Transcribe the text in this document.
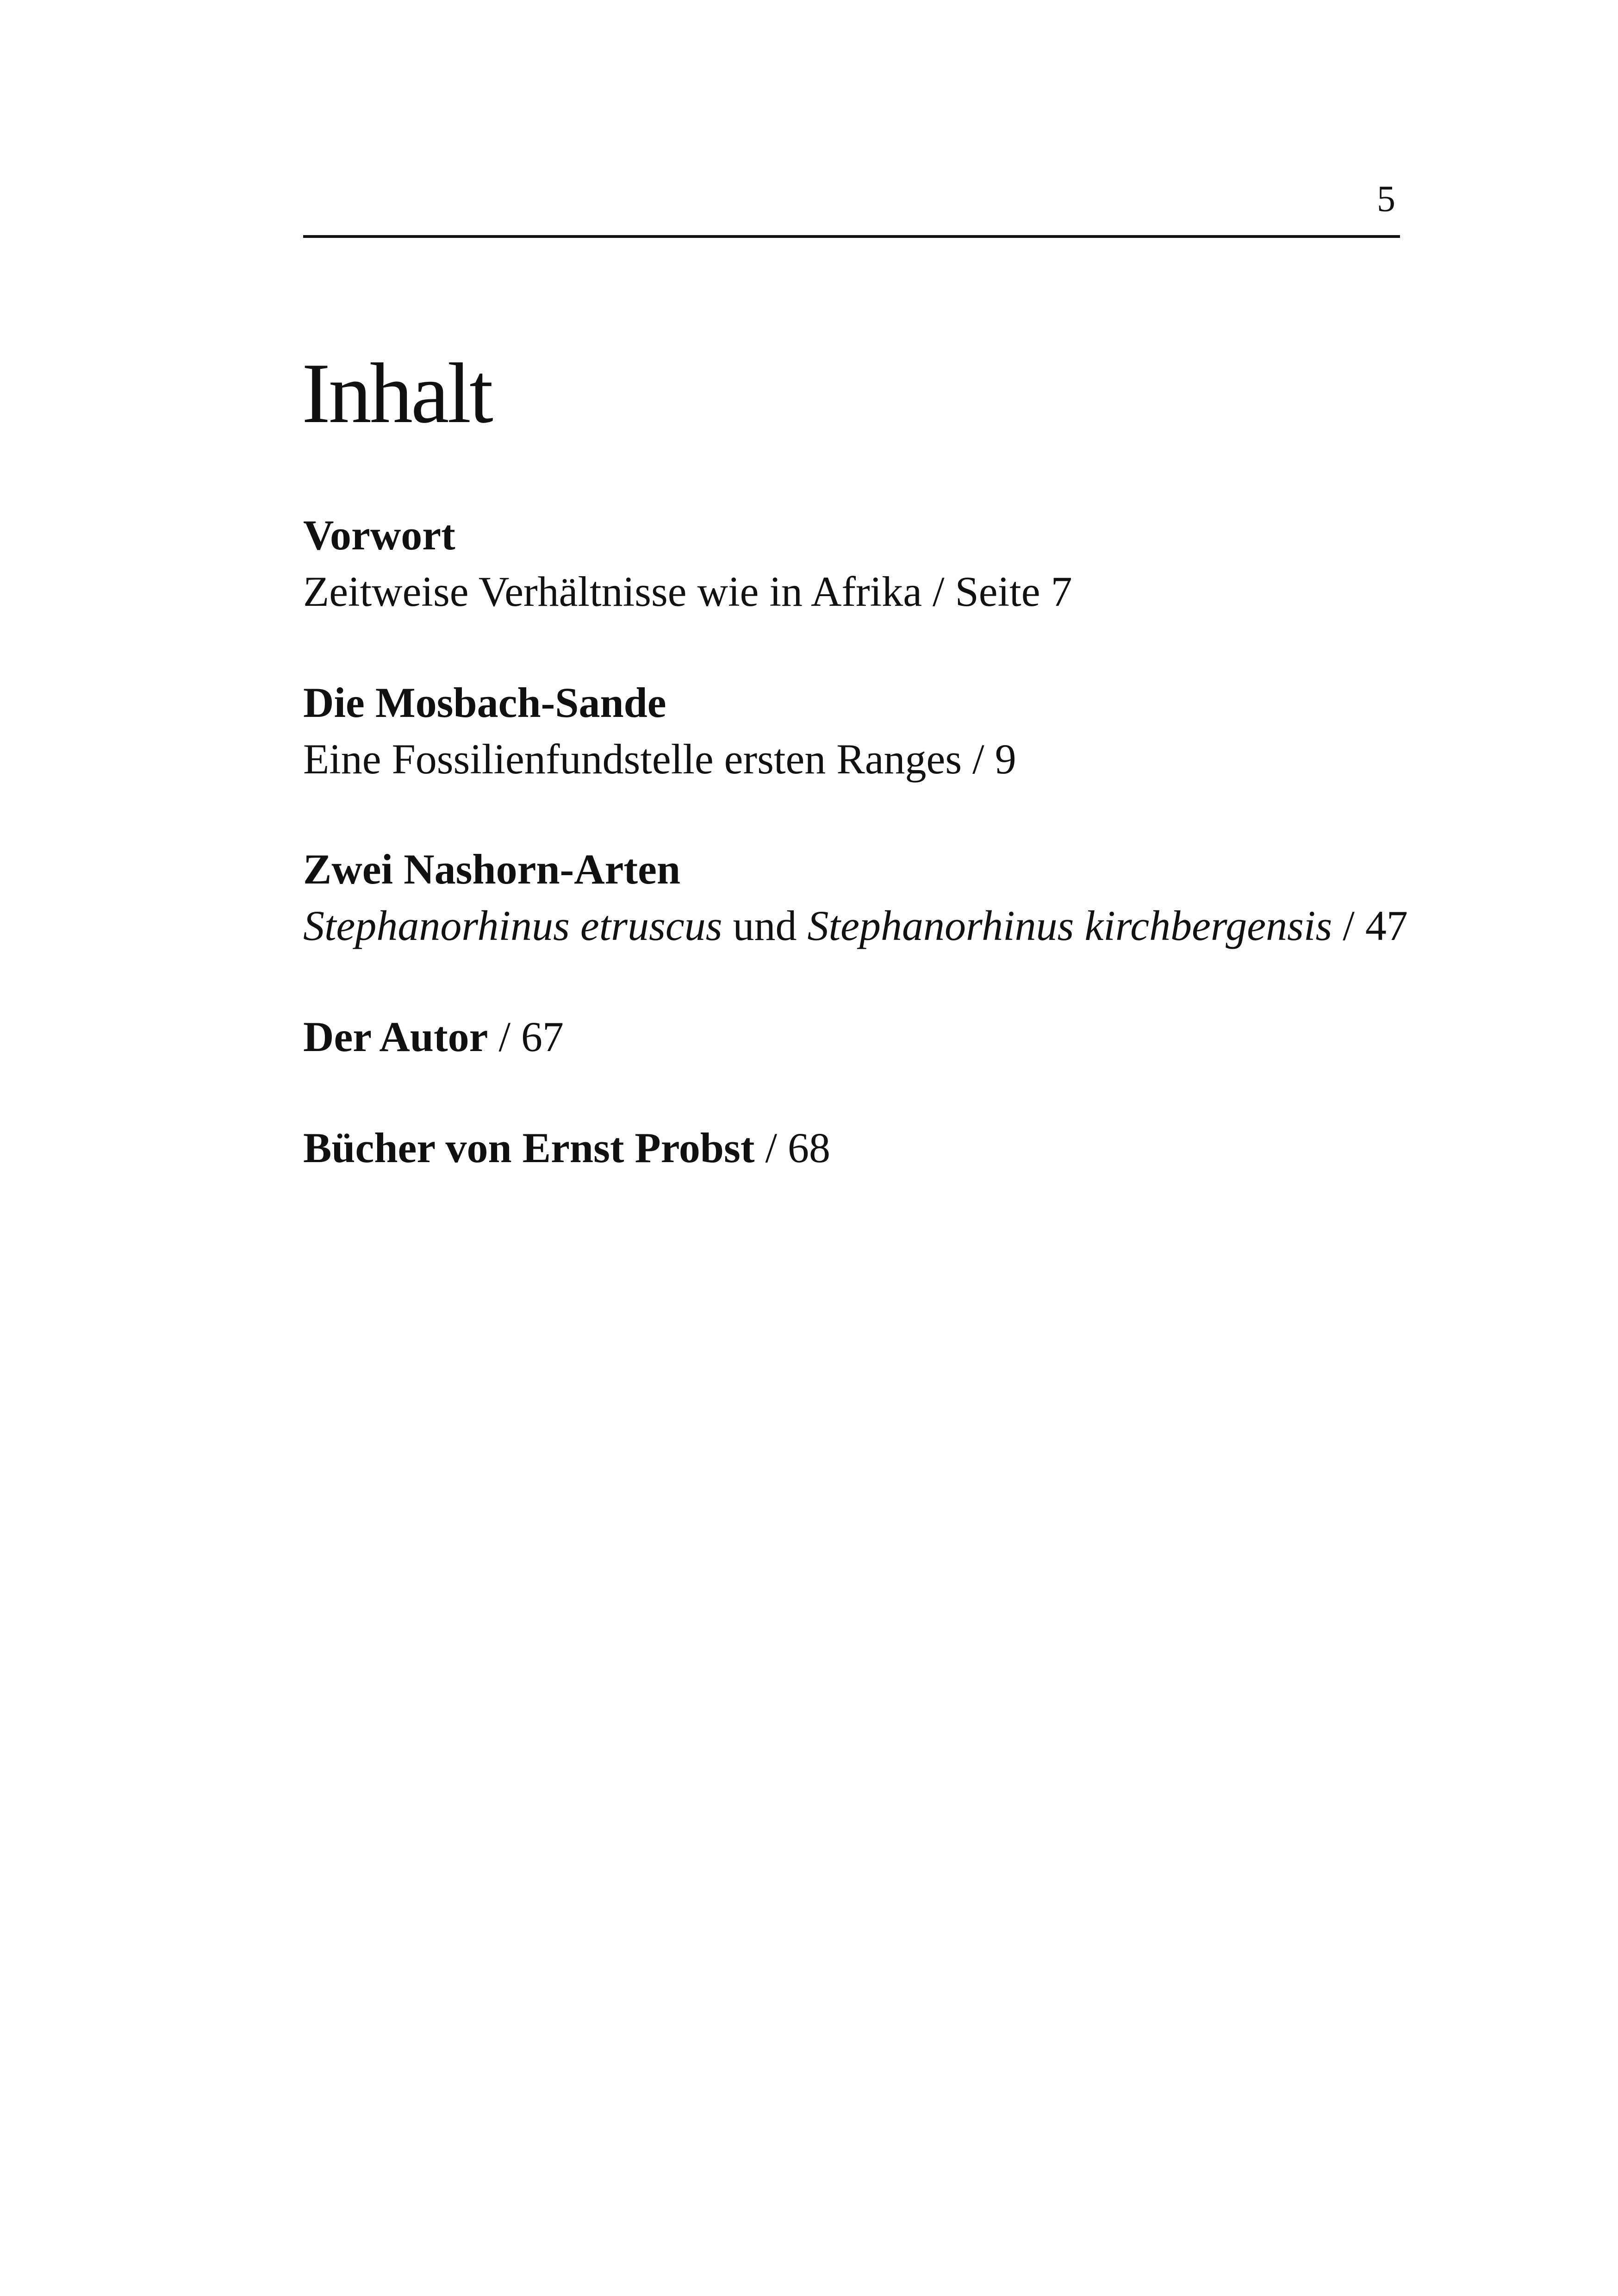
5
Inhalt
Vorwort
Zeitweise Verhältnisse wie in Afrika / Seite 7
Die Mosbach-Sande
Eine Fossilienfundstelle ersten Ranges / 9
Zwei Nashorn-Arten
Stephanorhinus etruscus und Stephanorhinus kirchbergensis / 47
Der Autor / 67
Bücher von Ernst Probst / 68
